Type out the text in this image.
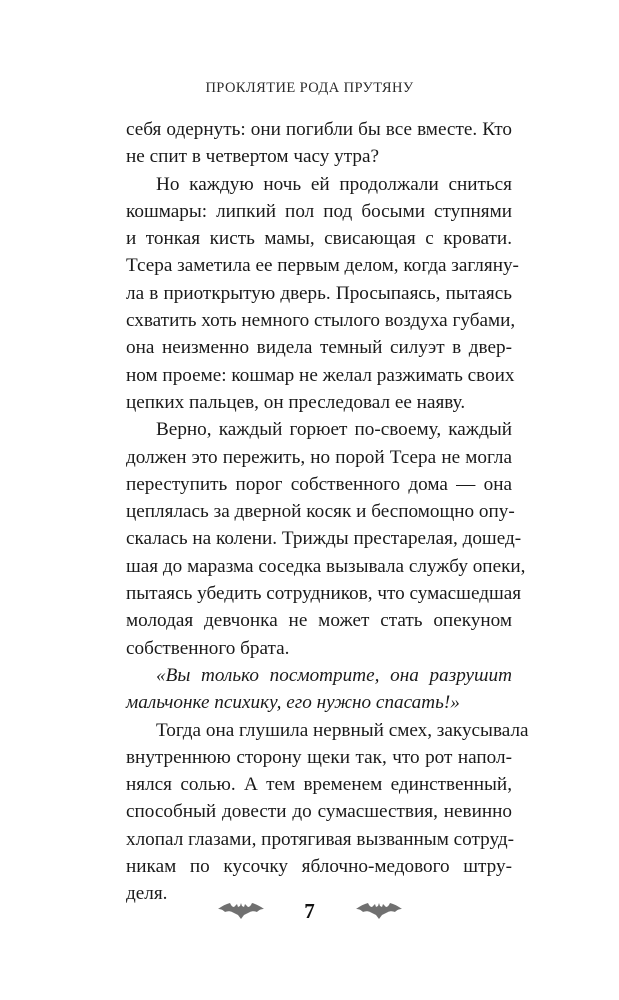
ПРОКЛЯТИЕ РОДА ПРУТЯНУ
себя одернуть: они погибли бы все вместе. Кто
не спит в четвертом часу утра?
Но каждую ночь ей продолжали сниться
кошмары: липкий пол под босыми ступнями
и тонкая кисть мамы, свисающая с кровати.
Тсера заметила ее первым делом, когда загляну-
ла в приоткрытую дверь. Просыпаясь, пытаясь
схватить хоть немного стылого воздуха губами,
она неизменно видела темный силуэт в двер-
ном проеме: кошмар не желал разжимать своих
цепких пальцев, он преследовал ее наяву.
Верно, каждый горюет по-своему, каждый
должен это пережить, но порой Тсера не могла
переступить порог собственного дома — она
цеплялась за дверной косяк и беспомощно опу-
скалась на колени. Трижды престарелая, дошед-
шая до маразма соседка вызывала службу опеки,
пытаясь убедить сотрудников, что сумасшедшая
молодая девчонка не может стать опекуном
собственного брата.
«Вы только посмотрите, она разрушит
мальчонке психику, его нужно спасать!»
Тогда она глушила нервный смех, закусывала
внутреннюю сторону щеки так, что рот напол-
нялся солью. А тем временем единственный,
способный довести до сумасшествия, невинно
хлопал глазами, протягивая вызванным сотруд-
никам по кусочку яблочно-медового штру-
деля.
7
